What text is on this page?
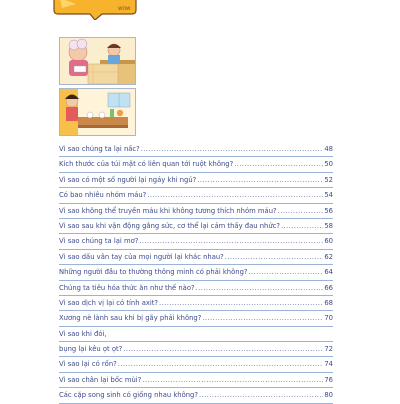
WOW
Vì sao chúng ta lại nấc? .....	48
Kích thước của túi mật có liên quan tới ruột không? .....	50
Vì sao có một số người lại ngáy khi ngủ? .....	52
Có bao nhiêu nhóm máu? .....	54
Vì sao không thể truyền máu khi không tương thích nhóm máu? .....	56
Vì sao sau khi vận động gắng sức, cơ thể lại cảm thấy đau nhức? .....	58
Vì sao chúng ta lại mơ? .....	60
Vì sao dấu vân tay của mọi người lại khác nhau? .....	62
Những người đầu to thường thông minh có phải không? .....	64
Chúng ta tiêu hóa thức ăn như thế nào? .....	66
Vì sao dịch vị lại có tính axit? .....	68
Xương nè lành sau khi bị gãy phải không? .....	70
Vì sao khi đói,
bụng lại kêu ọt ọt? .....	72
Vì sao lại có rốn? .....	74
Vì sao chân lại bốc mùi? .....	76
Các cặp song sinh có giống nhau không? .....	80
